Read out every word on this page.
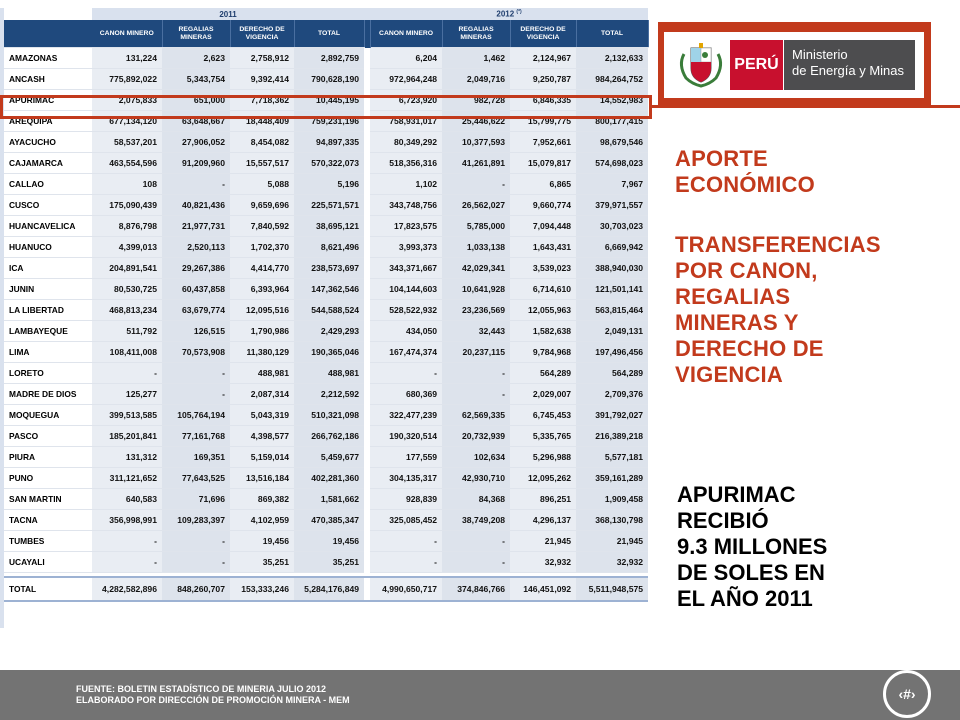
	2011					2012 (*)
	CANON MINERO	REGALIAS MINERAS	DERECHO DE VIGENCIA	TOTAL		CANON MINERO	REGALIAS MINERAS	DERECHO DE VIGENCIA	TOTAL
AMAZONAS	131,224	2,623	2,758,912	2,892,759		6,204	1,462	2,124,967	2,132,633
ANCASH	775,892,022	5,343,754	9,392,414	790,628,190		972,964,248	2,049,716	9,250,787	984,264,752
APURIMAC	2,075,833	651,000	7,718,362	10,445,195		6,723,920	982,728	6,846,335	14,552,983
AREQUIPA	677,134,120	63,648,667	18,448,409	759,231,196		758,931,017	25,446,622	15,799,775	800,177,415
AYACUCHO	58,537,201	27,906,052	8,454,082	94,897,335		80,349,292	10,377,593	7,952,661	98,679,546
CAJAMARCA	463,554,596	91,209,960	15,557,517	570,322,073		518,356,316	41,261,891	15,079,817	574,698,023
CALLAO	108	-	5,088	5,196		1,102	-	6,865	7,967
CUSCO	175,090,439	40,821,436	9,659,696	225,571,571		343,748,756	26,562,027	9,660,774	379,971,557
HUANCAVELICA	8,876,798	21,977,731	7,840,592	38,695,121		17,823,575	5,785,000	7,094,448	30,703,023
HUANUCO	4,399,013	2,520,113	1,702,370	8,621,496		3,993,373	1,033,138	1,643,431	6,669,942
ICA	204,891,541	29,267,386	4,414,770	238,573,697		343,371,667	42,029,341	3,539,023	388,940,030
JUNIN	80,530,725	60,437,858	6,393,964	147,362,546		104,144,603	10,641,928	6,714,610	121,501,141
LA LIBERTAD	468,813,234	63,679,774	12,095,516	544,588,524		528,522,932	23,236,569	12,055,963	563,815,464
LAMBAYEQUE	511,792	126,515	1,790,986	2,429,293		434,050	32,443	1,582,638	2,049,131
LIMA	108,411,008	70,573,908	11,380,129	190,365,046		167,474,374	20,237,115	9,784,968	197,496,456
LORETO	-	-	488,981	488,981		-	-	564,289	564,289
MADRE DE DIOS	125,277	-	2,087,314	2,212,592		680,369	-	2,029,007	2,709,376
MOQUEGUA	399,513,585	105,764,194	5,043,319	510,321,098		322,477,239	62,569,335	6,745,453	391,792,027
PASCO	185,201,841	77,161,768	4,398,577	266,762,186		190,320,514	20,732,939	5,335,765	216,389,218
PIURA	131,312	169,351	5,159,014	5,459,677		177,559	102,634	5,296,988	5,577,181
PUNO	311,121,652	77,643,525	13,516,184	402,281,360		304,135,317	42,930,710	12,095,262	359,161,289
SAN MARTIN	640,583	71,696	869,382	1,581,662		928,839	84,368	896,251	1,909,458
TACNA	356,998,991	109,283,397	4,102,959	470,385,347		325,085,452	38,749,208	4,296,137	368,130,798
TUMBES	-	-	19,456	19,456		-	-	21,945	21,945
UCAYALI	-	-	35,251	35,251		-	-	32,932	32,932

TOTAL	4,282,582,896	848,260,707	153,333,246	5,284,176,849		4,990,650,717	374,846,766	146,451,092	5,511,948,575
PERÚ
Ministerio
de Energía y Minas
APORTE
ECONÓMICO
TRANSFERENCIAS
POR CANON,
REGALIAS
MINERAS Y
DERECHO DE
VIGENCIA
APURIMAC
RECIBIÓ
9.3 MILLONES
DE SOLES EN
EL AÑO 2011
FUENTE: BOLETIN ESTADÍSTICO DE MINERIA JULIO 2012
ELABORADO POR DIRECCIÓN DE PROMOCIÓN MINERA - MEM	‹#›
